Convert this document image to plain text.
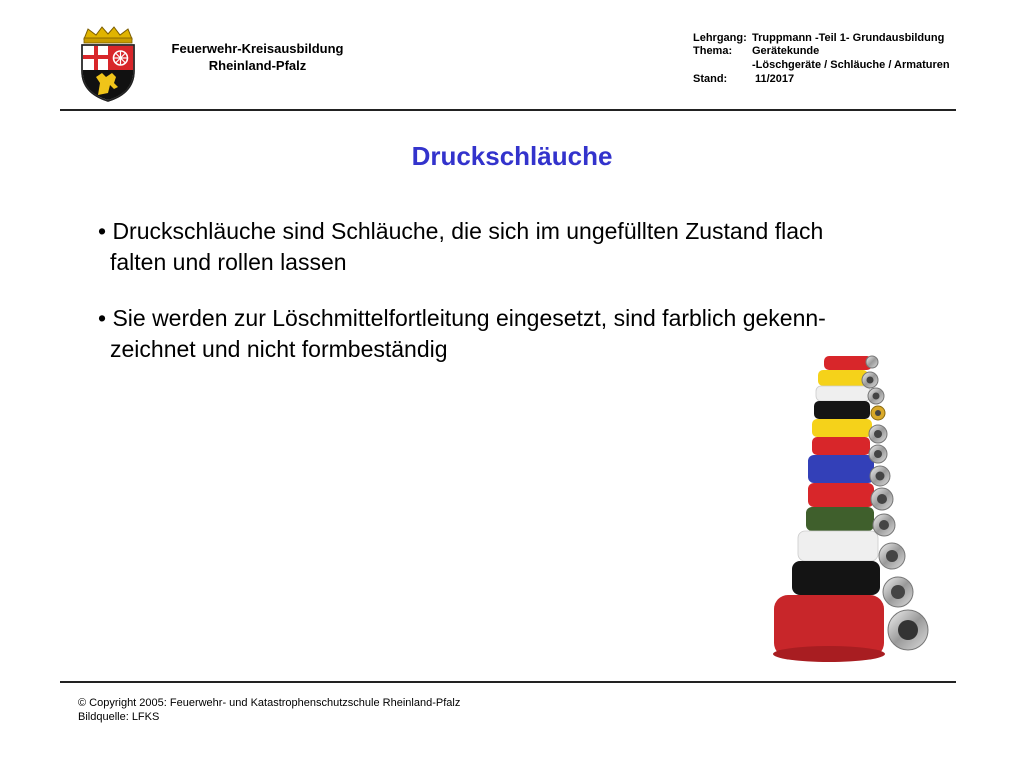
Feuerwehr-Kreisausbildung
Rheinland-Pfalz
Lehrgang: Truppmann -Teil 1- Grundausbildung
Thema: Gerätekunde
-Löschgeräte / Schläuche / Armaturen
Stand:	11/2017
Druckschläuche
• Druckschläuche sind Schläuche, die sich im ungefüllten Zustand flach
falten und rollen lassen
• Sie werden zur Löschmittelfortleitung eingesetzt, sind farblich gekenn-
zeichnet und nicht formbeständig
© Copyright 2005: Feuerwehr- und Katastrophenschutzschule Rheinland-Pfalz
Bildquelle: LFKS
